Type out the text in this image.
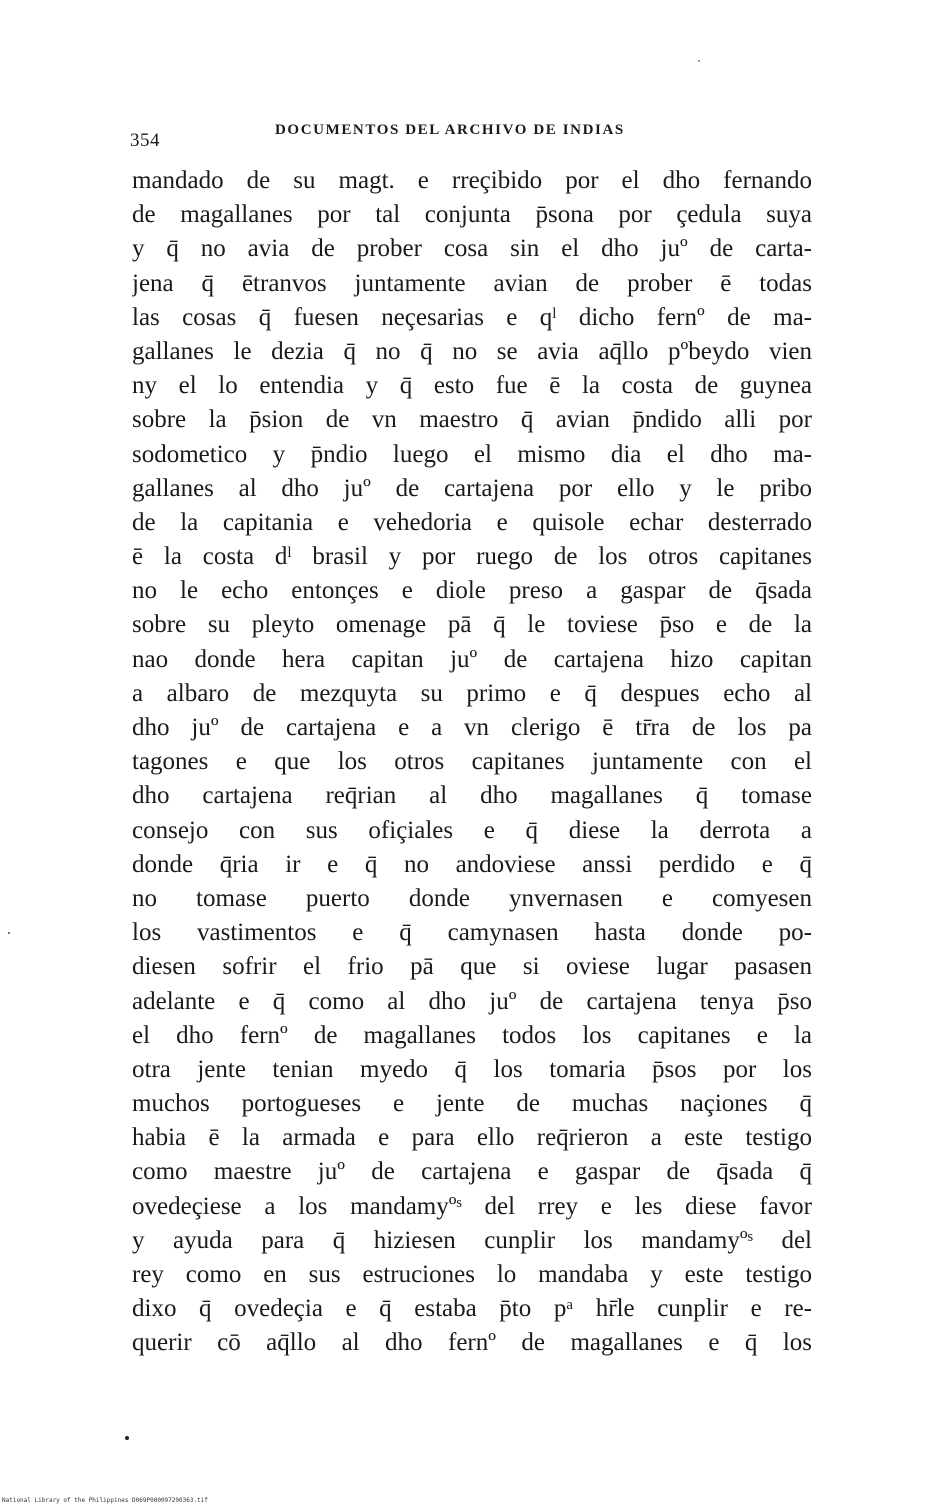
354	DOCUMENTOS DEL ARCHIVO DE INDIAS
mandado de su magt. e rreçibido por el dho fernando
de magallanes por tal conjunta p̄sona por çedula suya
y q̄ no avia de prober cosa sin el dho juº de carta-
jena q̄ ētranvos juntamente avian de prober ē todas
las cosas q̄ fuesen neçesarias e qˡ dicho fernº de ma-
gallanes le dezia q̄ no q̄ no se avia aq̄llo pºbeydo vien
ny el lo entendia y q̄ esto fue ē la costa de guynea
sobre la p̄sion de vn maestro q̄ avian p̄ndido alli por
sodometico y p̄ndio luego el mismo dia el dho ma-
gallanes al dho juº de cartajena por ello y le pribo
de la capitania e vehedoria e quisole echar desterrado
ē la costa dˡ brasil y por ruego de los otros capitanes
no le echo entonçes e diole preso a gaspar de q̄sada
sobre su pleyto omenage pā q̄ le toviese p̄so e de la
nao donde hera capitan juº de cartajena hizo capitan
a albaro de mezquyta su primo e q̄ despues echo al
dho juº de cartajena e a vn clerigo ē tr̄ra de los pa
tagones e que los otros capitanes juntamente con el
dho cartajena req̄rian al dho magallanes q̄ tomase
consejo con sus ofiçiales e q̄ diese la derrota a
donde q̄ria ir e q̄ no andoviese anssi perdido e q̄
no tomase puerto donde ynvernasen e comyesen
los vastimentos e q̄ camynasen hasta donde po-
diesen sofrir el frio pā que si oviese lugar pasasen
adelante e q̄ como al dho juº de cartajena tenya p̄so
el dho fernº de magallanes todos los capitanes e la
otra jente tenian myedo q̄ los tomaria p̄sos por los
muchos portogueses e jente de muchas naçiones q̄
habia ē la armada e para ello req̄rieron a este testigo
como maestre juº de cartajena e gaspar de q̄sada q̄
ovedeçiese a los mandamyºˢ del rrey e les diese favor
y ayuda para q̄ hiziesen cunplir los mandamyºˢ del
rey como en sus estruciones lo mandaba y este testigo
dixo q̄ ovedeçia e q̄ estaba p̄to pᵃ hr̄le cunplir e re-
querir cō aq̄llo al dho fernº de magallanes e q̄ los
National Library of the Philippines D069P000097290363.tif
